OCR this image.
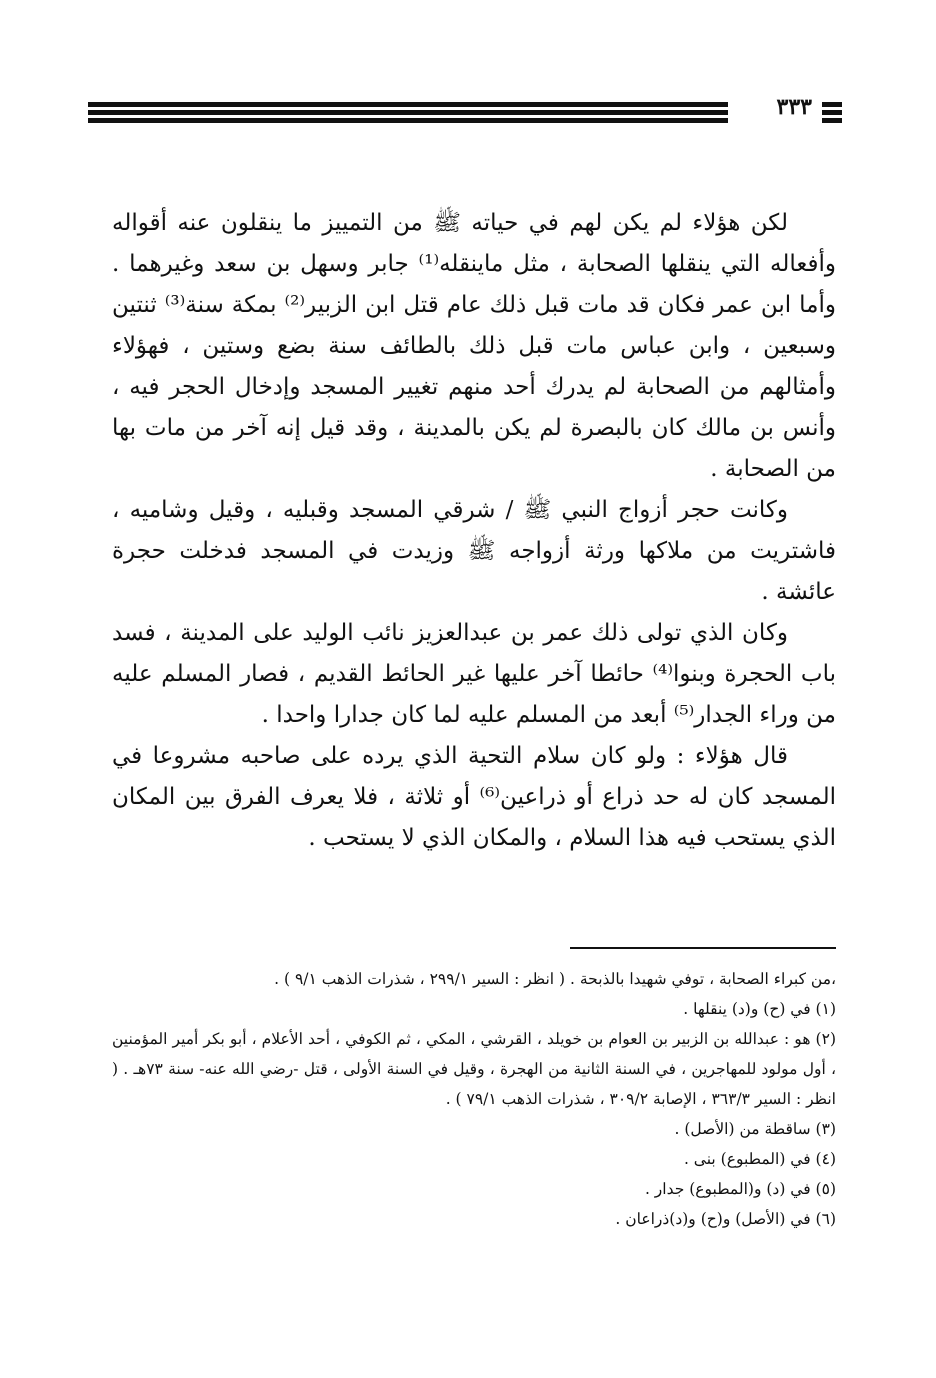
٣٣٣

لكن هؤلاء لم يكن لهم في حياته ﷺ من التمييز ما ينقلون عنه أقواله وأفعاله التي ينقلها الصحابة ، مثل ماينقله⁽¹⁾ جابر وسهل بن سعد وغيرهما . وأما ابن عمر فكان قد مات قبل ذلك عام قتل ابن الزبير⁽²⁾ بمكة سنة⁽³⁾ ثنتين وسبعين ، وابن عباس مات قبل ذلك بالطائف سنة بضع وستين ، فهؤلاء وأمثالهم من الصحابة لم يدرك أحد منهم تغيير المسجد وإدخال الحجر فيه ، وأنس بن مالك كان بالبصرة لم يكن بالمدينة ، وقد قيل إنه آخر من مات بها من الصحابة .

وكانت حجر أزواج النبي ﷺ / شرقي المسجد وقبليه ، وقيل وشاميه ، فاشتريت من ملاكها ورثة أزواجه ﷺ وزيدت في المسجد فدخلت حجرة عائشة .

وكان الذي تولى ذلك عمر بن عبدالعزيز نائب الوليد على المدينة ، فسد باب الحجرة وبنوا⁽⁴⁾ حائطا آخر عليها غير الحائط القديم ، فصار المسلم عليه من وراء الجدار⁽⁵⁾ أبعد من المسلم عليه لما كان جدارا واحدا .

قال هؤلاء : ولو كان سلام التحية الذي يرده على صاحبه مشروعا في المسجد كان له حد ذراع أو ذراعين⁽⁶⁾ أو ثلاثة ، فلا يعرف الفرق بين المكان الذي يستحب فيه هذا السلام ، والمكان الذي لا يستحب .

،من كبراء الصحابة ، توفي شهيدا بالذبحة . ( انظر : السير ٢٩٩/١ ، شذرات الذهب ٩/١ ) .
(١) في (ح) و(د) ينقلها .
(٢) هو : عبدالله بن الزبير بن العوام بن خويلد ، القرشي ، المكي ، ثم الكوفي ، أحد الأعلام ، أبو بكر أمير المؤمنين ، أول مولود للمهاجرين ، في السنة الثانية من الهجرة ، وقيل في السنة الأولى ، قتل -رضي الله عنه- سنة ٧٣هـ . ( انظر : السير ٣٦٣/٣ ، الإصابة ٣٠٩/٢ ، شذرات الذهب ٧٩/١ ) .
(٣) ساقطة من (الأصل) .
(٤) في (المطبوع) بنى .
(٥) في (د) و(المطبوع) جدار .
(٦) في (الأصل) و(ح) و(د)ذراعان .
